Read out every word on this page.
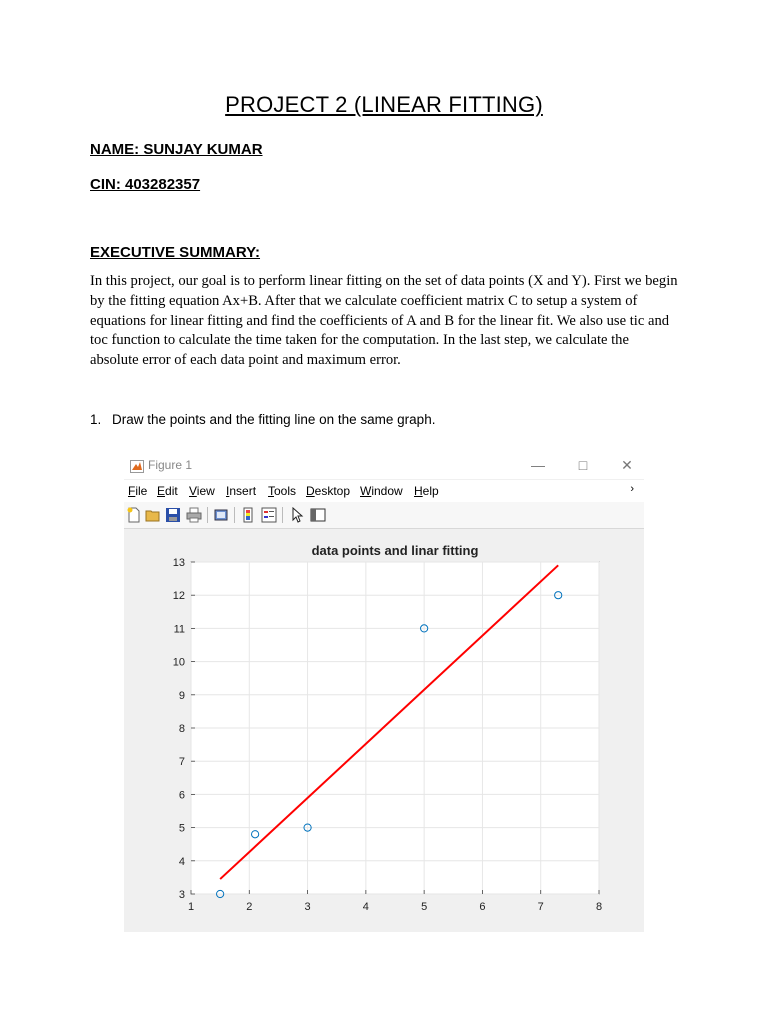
PROJECT 2 (LINEAR FITTING)
NAME: SUNJAY KUMAR
CIN: 403282357
EXECUTIVE SUMMARY:

In this project, our goal is to perform linear fitting on the set of data points (X and Y). First we begin by the fitting equation Ax+B. After that we calculate coefficient matrix C to setup a system of equations for linear fitting and find the coefficients of A and B for the linear fit. We also use tic and toc function to calculate the time taken for the computation. In the last step, we calculate the absolute error of each data point and maximum error.

1. Draw the points and the fitting line on the same graph.
Figure 1	—	□	✕
File Edit View Insert Tools Desktop Window Help	›
1	2	3	4	5	6	7	8
3
4
5
6
7
8
9
10
11
12
13
data points and linar fitting
